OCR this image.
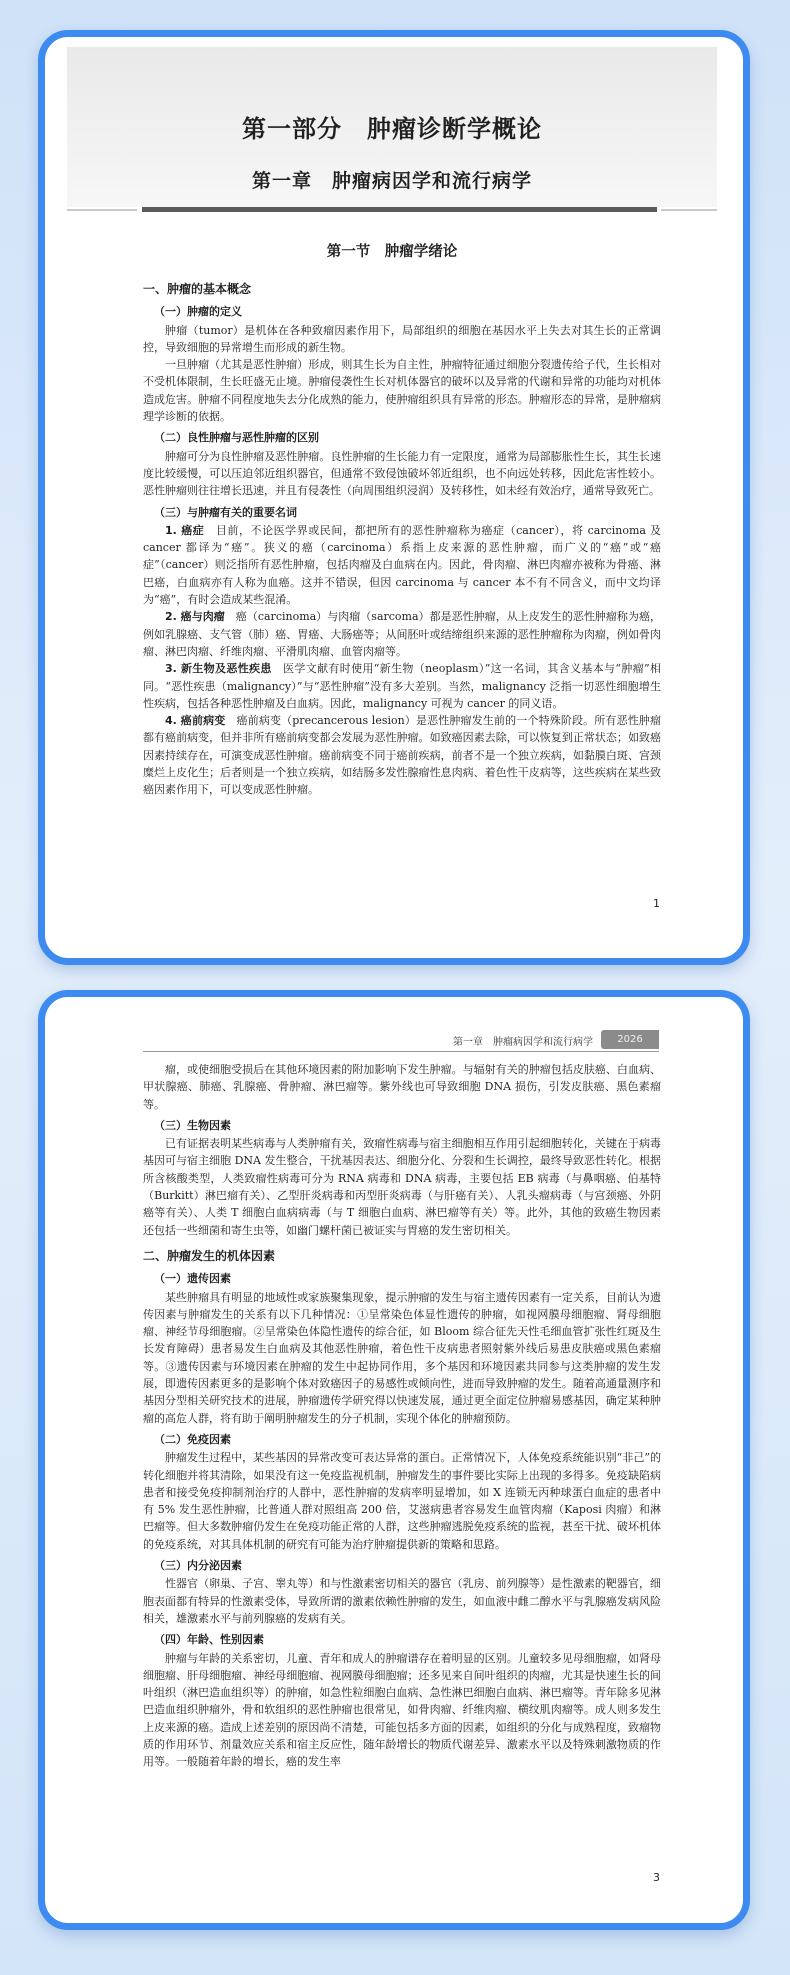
第一部分　肿瘤诊断学概论
第一章　肿瘤病因学和流行病学
第一节　肿瘤学绪论
一、肿瘤的基本概念
（一）肿瘤的定义

肿瘤（tumor）是机体在各种致瘤因素作用下，局部组织的细胞在基因水平上失去对其生长的正常调控，导致细胞的异常增生而形成的新生物。

一旦肿瘤（尤其是恶性肿瘤）形成，则其生长为自主性，肿瘤特征通过细胞分裂遗传给子代，生长相对不受机体限制，生长旺盛无止境。肿瘤侵袭性生长对机体器官的破坏以及异常的代谢和异常的功能均对机体造成危害。肿瘤不同程度地失去分化成熟的能力，使肿瘤组织具有异常的形态。肿瘤形态的异常，是肿瘤病理学诊断的依据。

（二）良性肿瘤与恶性肿瘤的区别

肿瘤可分为良性肿瘤及恶性肿瘤。良性肿瘤的生长能力有一定限度，通常为局部膨胀性生长，其生长速度比较缓慢，可以压迫邻近组织器官，但通常不致侵蚀破坏邻近组织，也不向远处转移，因此危害性较小。恶性肿瘤则往往增长迅速，并且有侵袭性（向周围组织浸润）及转移性，如未经有效治疗，通常导致死亡。

（三）与肿瘤有关的重要名词

1. 癌症　 目前，不论医学界或民间，都把所有的恶性肿瘤称为癌症（cancer），将 carcinoma 及 cancer 都译为“癌”。狭义的癌（carcinoma）系指上皮来源的恶性肿瘤，而广义的“癌”或“癌症”（cancer）则泛指所有恶性肿瘤，包括肉瘤及白血病在内。因此，骨肉瘤、淋巴肉瘤亦被称为骨癌、淋巴癌，白血病亦有人称为血癌。这并不错误，但因 carcinoma 与 cancer 本不有不同含义，而中文均译为“癌”，有时会造成某些混淆。

2. 癌与肉瘤　 癌（carcinoma）与肉瘤（sarcoma）都是恶性肿瘤，从上皮发生的恶性肿瘤称为癌，例如乳腺癌、支气管（肺）癌、胃癌、大肠癌等；从间胚叶或结缔组织来源的恶性肿瘤称为肉瘤，例如骨肉瘤、淋巴肉瘤、纤维肉瘤、平滑肌肉瘤、血管肉瘤等。

3. 新生物及恶性疾患　 医学文献有时使用“新生物（neoplasm）”这一名词，其含义基本与“肿瘤”相同。“恶性疾患（malignancy）”与“恶性肿瘤”没有多大差别。当然，malignancy 泛指一切恶性细胞增生性疾病，包括各种恶性肿瘤及白血病。因此，malignancy 可视为 cancer 的同义语。

4. 癌前病变　 癌前病变（precancerous lesion）是恶性肿瘤发生前的一个特殊阶段。所有恶性肿瘤都有癌前病变，但并非所有癌前病变都会发展为恶性肿瘤。如致癌因素去除，可以恢复到正常状态；如致癌因素持续存在，可演变成恶性肿瘤。癌前病变不同于癌前疾病，前者不是一个独立疾病，如黏膜白斑、宫颈糜烂上皮化生；后者则是一个独立疾病，如结肠多发性腺瘤性息肉病、着色性干皮病等，这些疾病在某些致癌因素作用下，可以变成恶性肿瘤。

1
第一章　肿瘤病因学和流行病学	2026

瘤，或使细胞受损后在其他环境因素的附加影响下发生肿瘤。与辐射有关的肿瘤包括皮肤癌、白血病、甲状腺癌、肺癌、乳腺癌、骨肿瘤、淋巴瘤等。紫外线也可导致细胞 DNA 损伤，引发皮肤癌、黑色素瘤等。

（三）生物因素

已有证据表明某些病毒与人类肿瘤有关，致瘤性病毒与宿主细胞相互作用引起细胞转化，关键在于病毒基因可与宿主细胞 DNA 发生整合，干扰基因表达、细胞分化、分裂和生长调控，最终导致恶性转化。根据所含核酸类型，人类致瘤性病毒可分为 RNA 病毒和 DNA 病毒，主要包括 EB 病毒（与鼻咽癌、伯基特（Burkitt）淋巴瘤有关）、乙型肝炎病毒和丙型肝炎病毒（与肝癌有关）、人乳头瘤病毒（与宫颈癌、外阴癌等有关）、人类 T 细胞白血病病毒（与 T 细胞白血病、淋巴瘤等有关）等。此外，其他的致癌生物因素还包括一些细菌和寄生虫等，如幽门螺杆菌已被证实与胃癌的发生密切相关。

二、肿瘤发生的机体因素
（一）遗传因素

某些肿瘤具有明显的地域性或家族聚集现象，提示肿瘤的发生与宿主遗传因素有一定关系，目前认为遗传因素与肿瘤发生的关系有以下几种情况：①呈常染色体显性遗传的肿瘤，如视网膜母细胞瘤、肾母细胞瘤、神经节母细胞瘤。②呈常染色体隐性遗传的综合征，如 Bloom 综合征先天性毛细血管扩张性红斑及生长发育障碍）患者易发生白血病及其他恶性肿瘤，着色性干皮病患者照射紫外线后易患皮肤癌或黑色素瘤等。③遗传因素与环境因素在肿瘤的发生中起协同作用，多个基因和环境因素共同参与这类肿瘤的发生发展，即遗传因素更多的是影响个体对致癌因子的易感性或倾向性，进而导致肿瘤的发生。随着高通量测序和基因分型相关研究技术的进展，肿瘤遗传学研究得以快速发展，通过更全面定位肿瘤易感基因，确定某种肿瘤的高危人群，将有助于阐明肿瘤发生的分子机制，实现个体化的肿瘤预防。

（二）免疫因素

肿瘤发生过程中，某些基因的异常改变可表达异常的蛋白。正常情况下，人体免疫系统能识别“非己”的转化细胞并将其清除，如果没有这一免疫监视机制，肿瘤发生的事件要比实际上出现的多得多。免疫缺陷病患者和接受免疫抑制剂治疗的人群中，恶性肿瘤的发病率明显增加，如 X 连锁无丙种球蛋白血症的患者中有 5% 发生恶性肿瘤，比普通人群对照组高 200 倍，艾滋病患者容易发生血管肉瘤（Kaposi 肉瘤）和淋巴瘤等。但大多数肿瘤仍发生在免疫功能正常的人群，这些肿瘤逃脱免疫系统的监视，甚至干扰、破坏机体的免疫系统，对其具体机制的研究有可能为治疗肿瘤提供新的策略和思路。

（三）内分泌因素

性器官（卵巢、子宫、睾丸等）和与性激素密切相关的器官（乳房、前列腺等）是性激素的靶器官，细胞表面都有特异的性激素受体，导致所谓的激素依赖性肿瘤的发生，如血液中雌二醇水平与乳腺癌发病风险相关，雄激素水平与前列腺癌的发病有关。

（四）年龄、性别因素

肿瘤与年龄的关系密切，儿童、青年和成人的肿瘤谱存在着明显的区别。儿童较多见母细胞瘤，如肾母细胞瘤、肝母细胞瘤、神经母细胞瘤、视网膜母细胞瘤；还多见来自间叶组织的肉瘤，尤其是快速生长的间叶组织（淋巴造血组织等）的肿瘤，如急性粒细胞白血病、急性淋巴细胞白血病、淋巴瘤等。青年除多见淋巴造血组织肿瘤外，骨和软组织的恶性肿瘤也很常见，如骨肉瘤、纤维肉瘤、横纹肌肉瘤等。成人则多发生上皮来源的癌。造成上述差别的原因尚不清楚，可能包括多方面的因素，如组织的分化与成熟程度，致瘤物质的作用环节、剂量效应关系和宿主反应性，随年龄增长的物质代谢差异、激素水平以及特殊刺激物质的作用等。一般随着年龄的增长，癌的发生率

3
